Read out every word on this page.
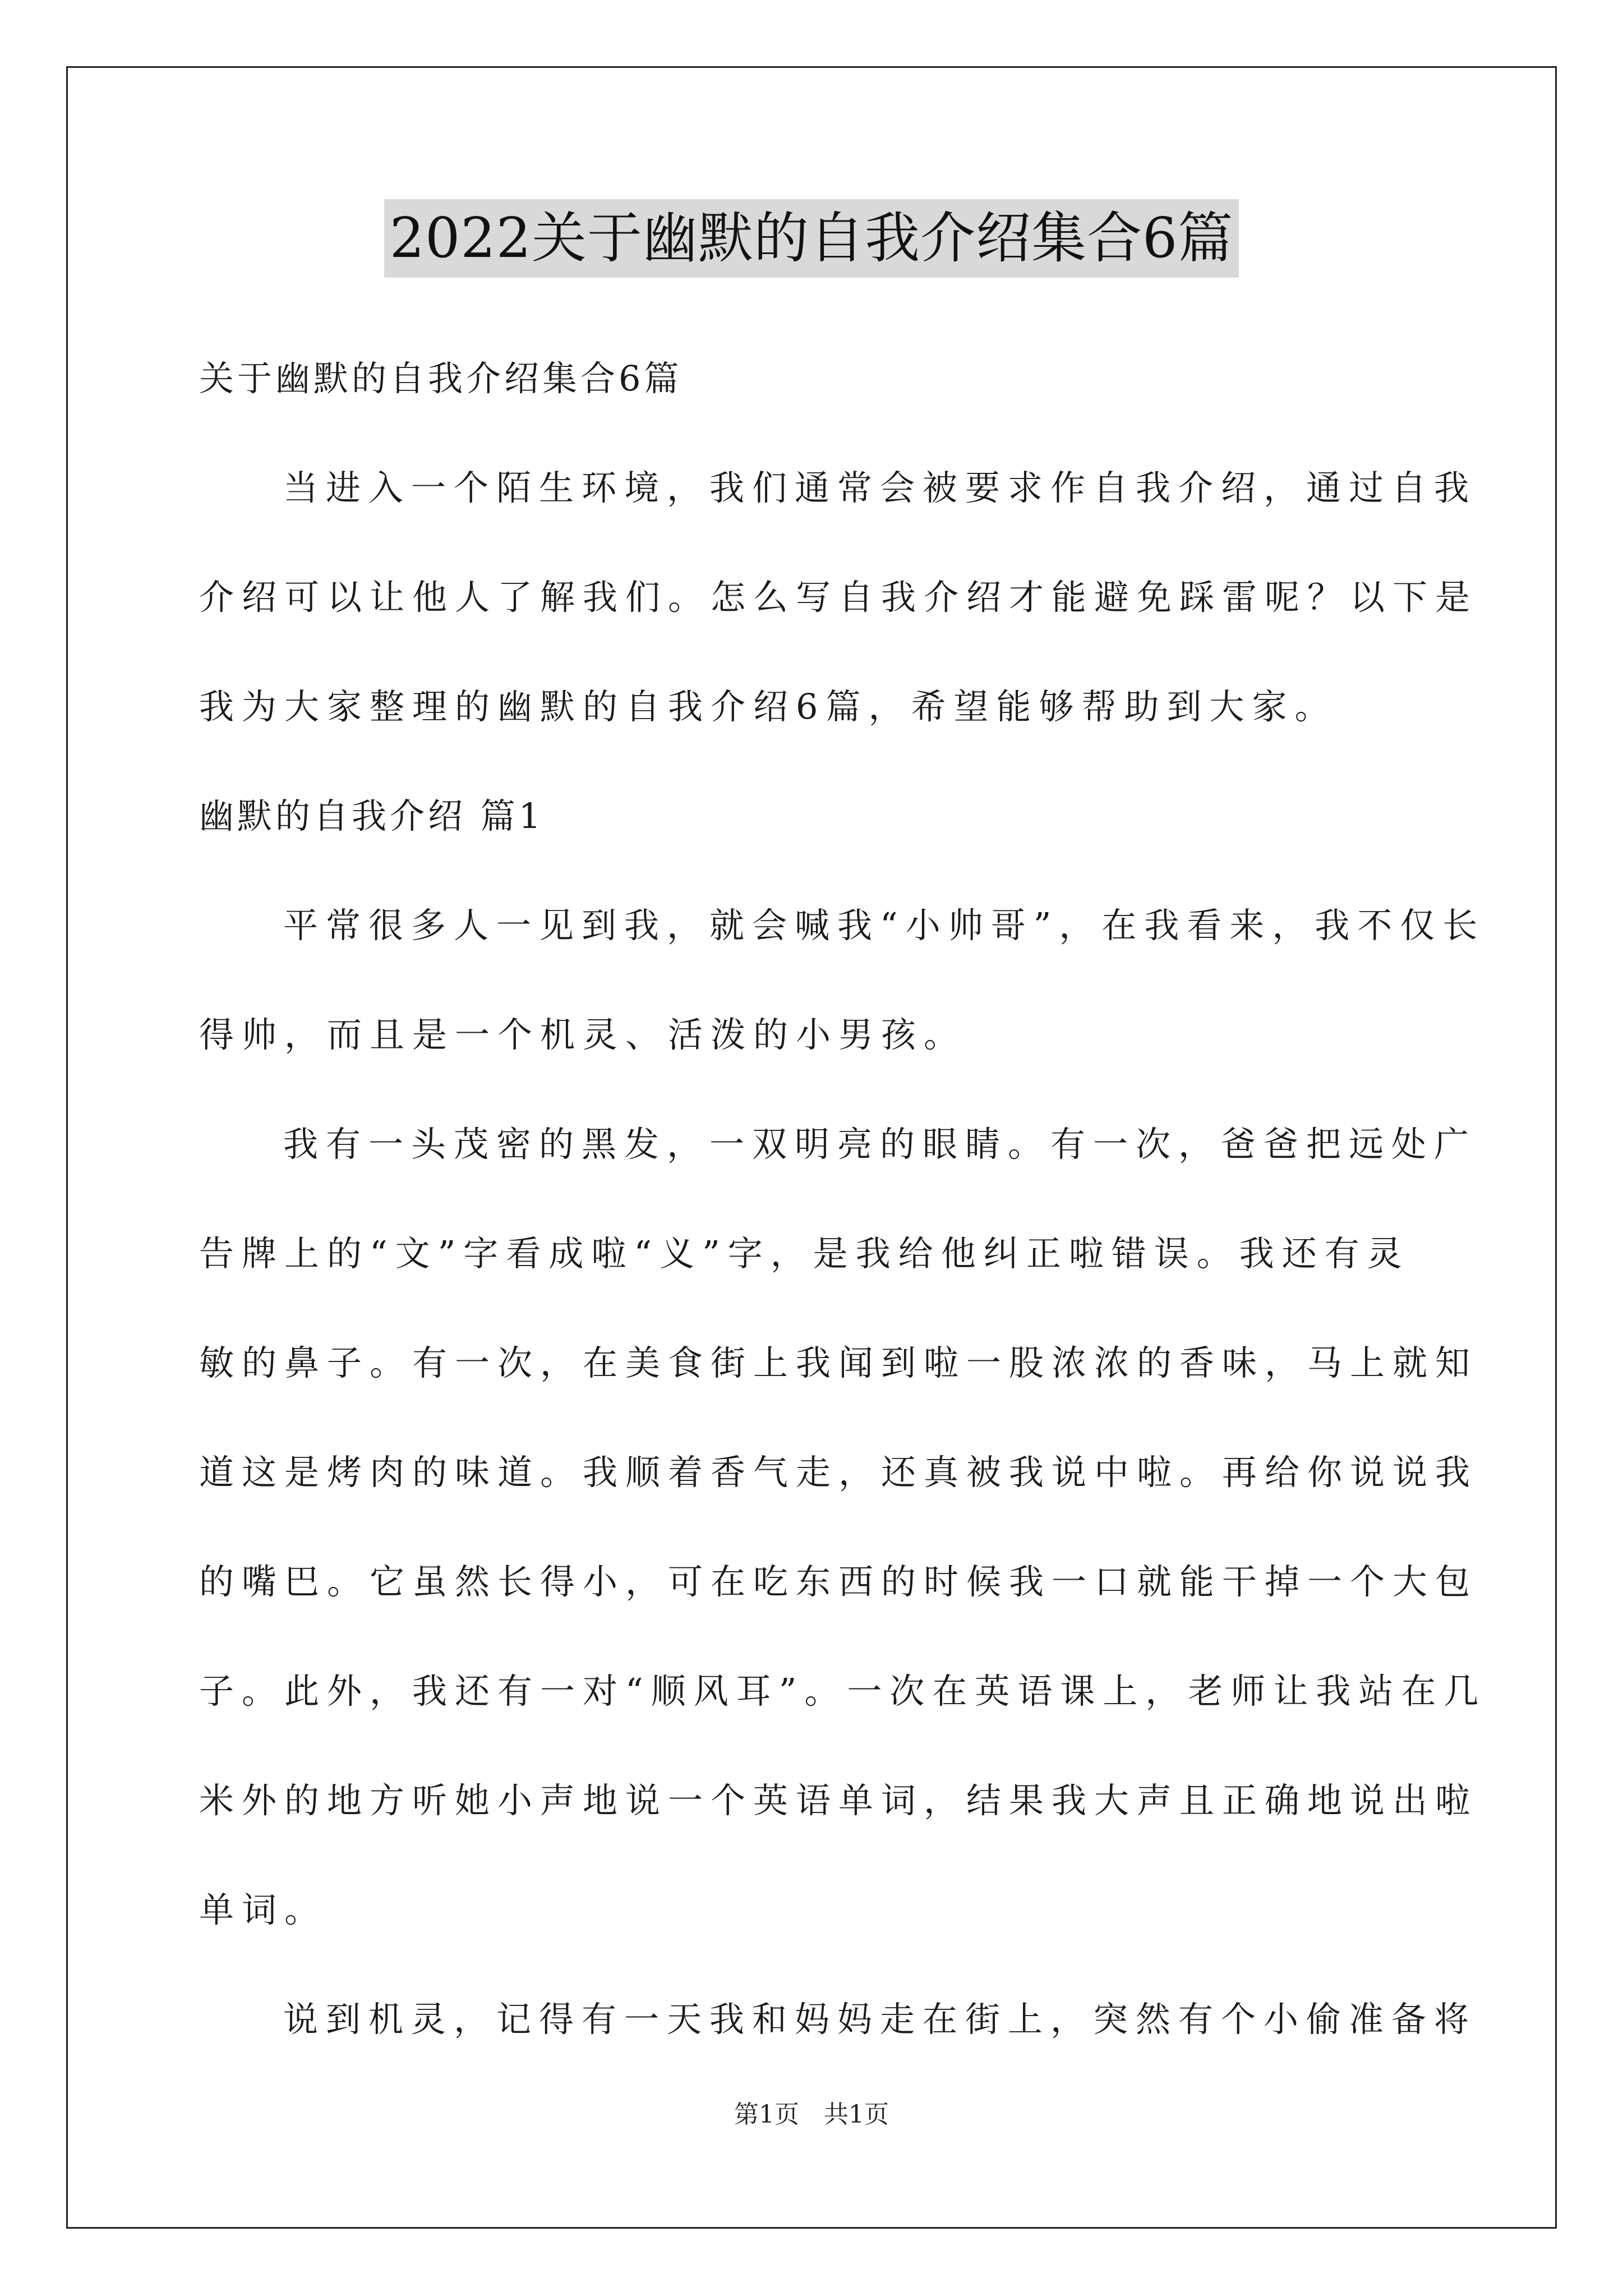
2022关于幽默的自我介绍集合6篇
关于幽默的自我介绍集合6篇
当进入一个陌生环境，我们通常会被要求作自我介绍，通过自我
介绍可以让他人了解我们。怎么写自我介绍才能避免踩雷呢？以下是
我为大家整理的幽默的自我介绍6篇，希望能够帮助到大家。
幽默的自我介绍 篇1
平常很多人一见到我，就会喊我“小帅哥”，在我看来，我不仅长
得帅，而且是一个机灵、活泼的小男孩。
我有一头茂密的黑发，一双明亮的眼睛。有一次，爸爸把远处广
告牌上的“文”字看成啦“义”字，是我给他纠正啦错误。我还有灵
敏的鼻子。有一次，在美食街上我闻到啦一股浓浓的香味，马上就知
道这是烤肉的味道。我顺着香气走，还真被我说中啦。再给你说说我
的嘴巴。它虽然长得小，可在吃东西的时候我一口就能干掉一个大包
子。此外，我还有一对“顺风耳”。一次在英语课上，老师让我站在几
米外的地方听她小声地说一个英语单词，结果我大声且正确地说出啦
单词。
说到机灵，记得有一天我和妈妈走在街上，突然有个小偷准备将
第1页　共1页
